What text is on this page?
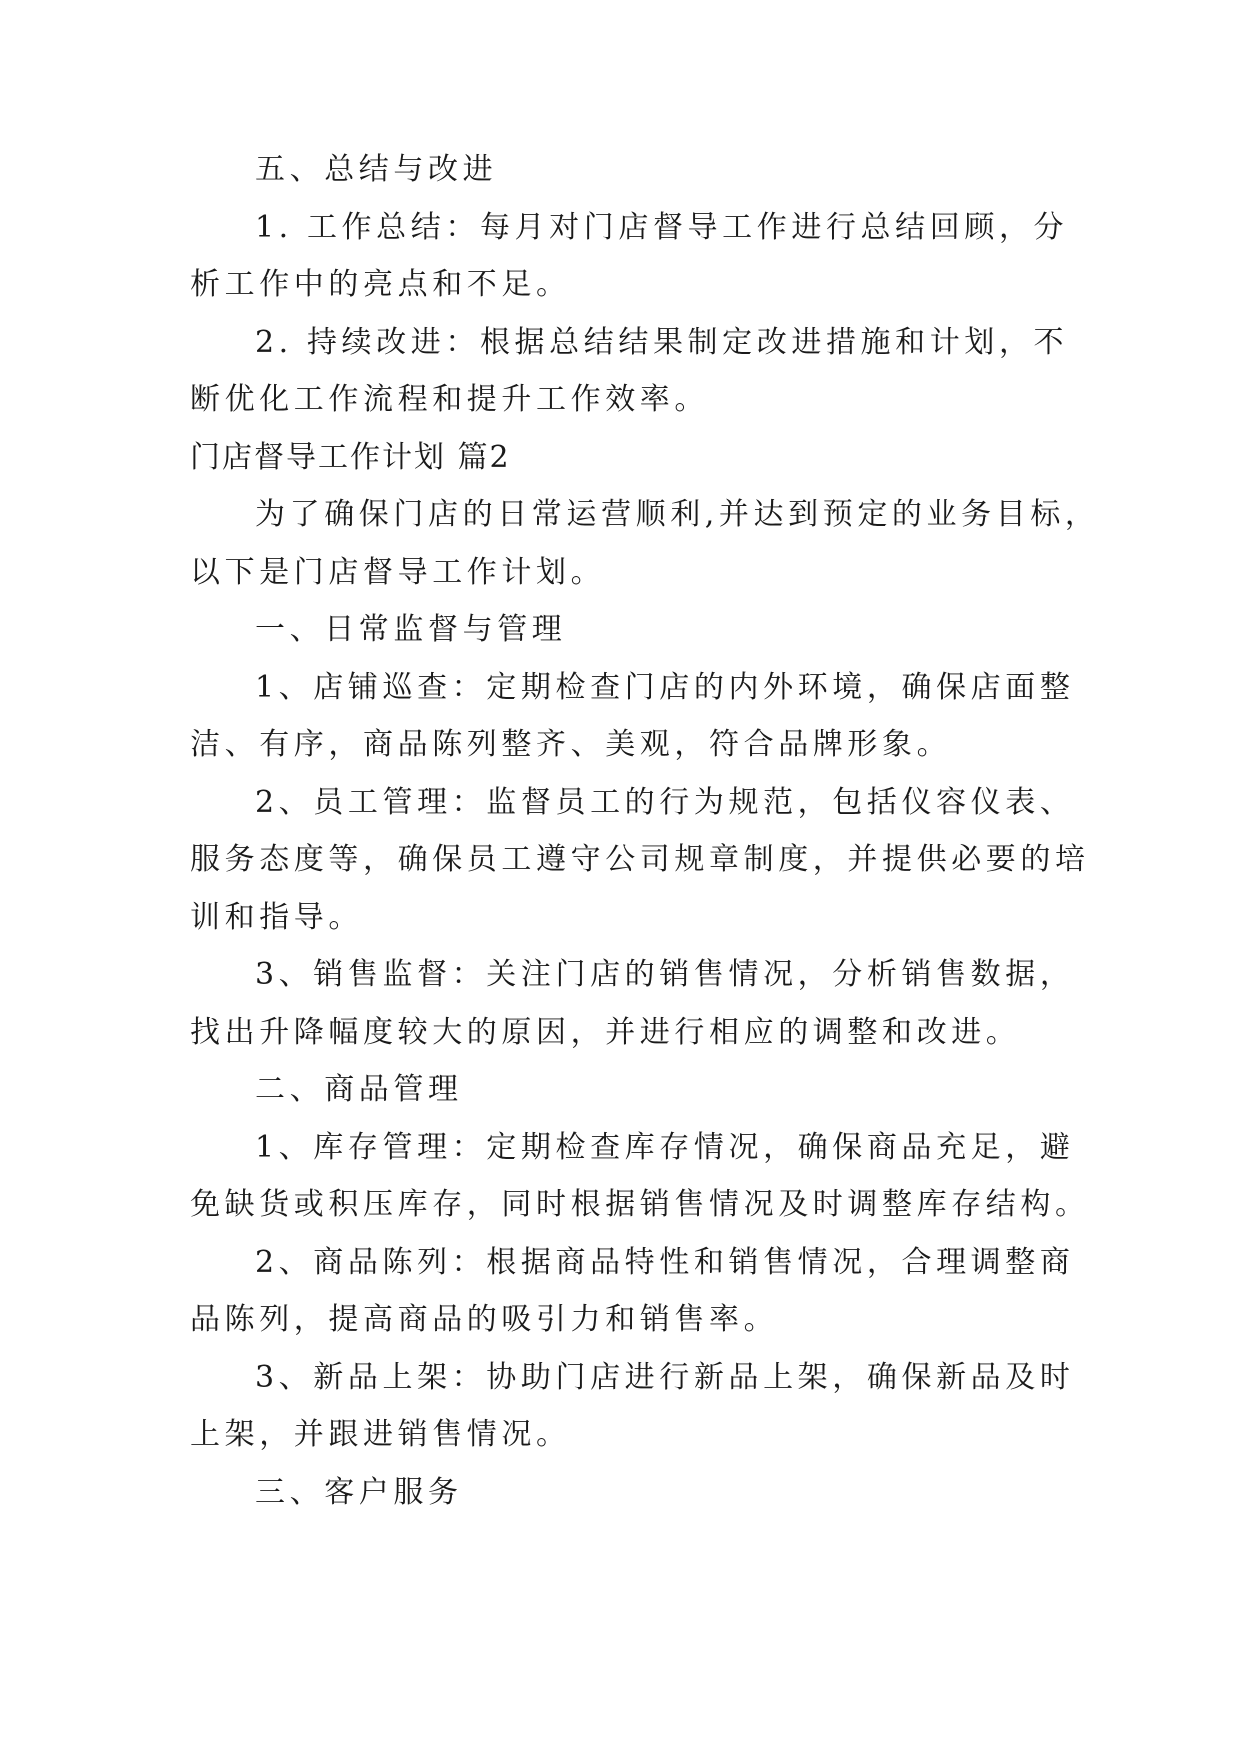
五、总结与改进
1. 工作总结：每月对门店督导工作进行总结回顾，分
析工作中的亮点和不足。
2. 持续改进：根据总结结果制定改进措施和计划，不
断优化工作流程和提升工作效率。
门店督导工作计划 篇2
为了确保门店的日常运营顺利,并达到预定的业务目标，
以下是门店督导工作计划。
一、日常监督与管理
1、店铺巡查：定期检查门店的内外环境，确保店面整
洁、有序，商品陈列整齐、美观，符合品牌形象。
2、员工管理：监督员工的行为规范，包括仪容仪表、
服务态度等，确保员工遵守公司规章制度，并提供必要的培
训和指导。
3、销售监督：关注门店的销售情况，分析销售数据，
找出升降幅度较大的原因，并进行相应的调整和改进。
二、商品管理
1、库存管理：定期检查库存情况，确保商品充足，避
免缺货或积压库存，同时根据销售情况及时调整库存结构。
2、商品陈列：根据商品特性和销售情况，合理调整商
品陈列，提高商品的吸引力和销售率。
3、新品上架：协助门店进行新品上架，确保新品及时
上架，并跟进销售情况。
三、客户服务
